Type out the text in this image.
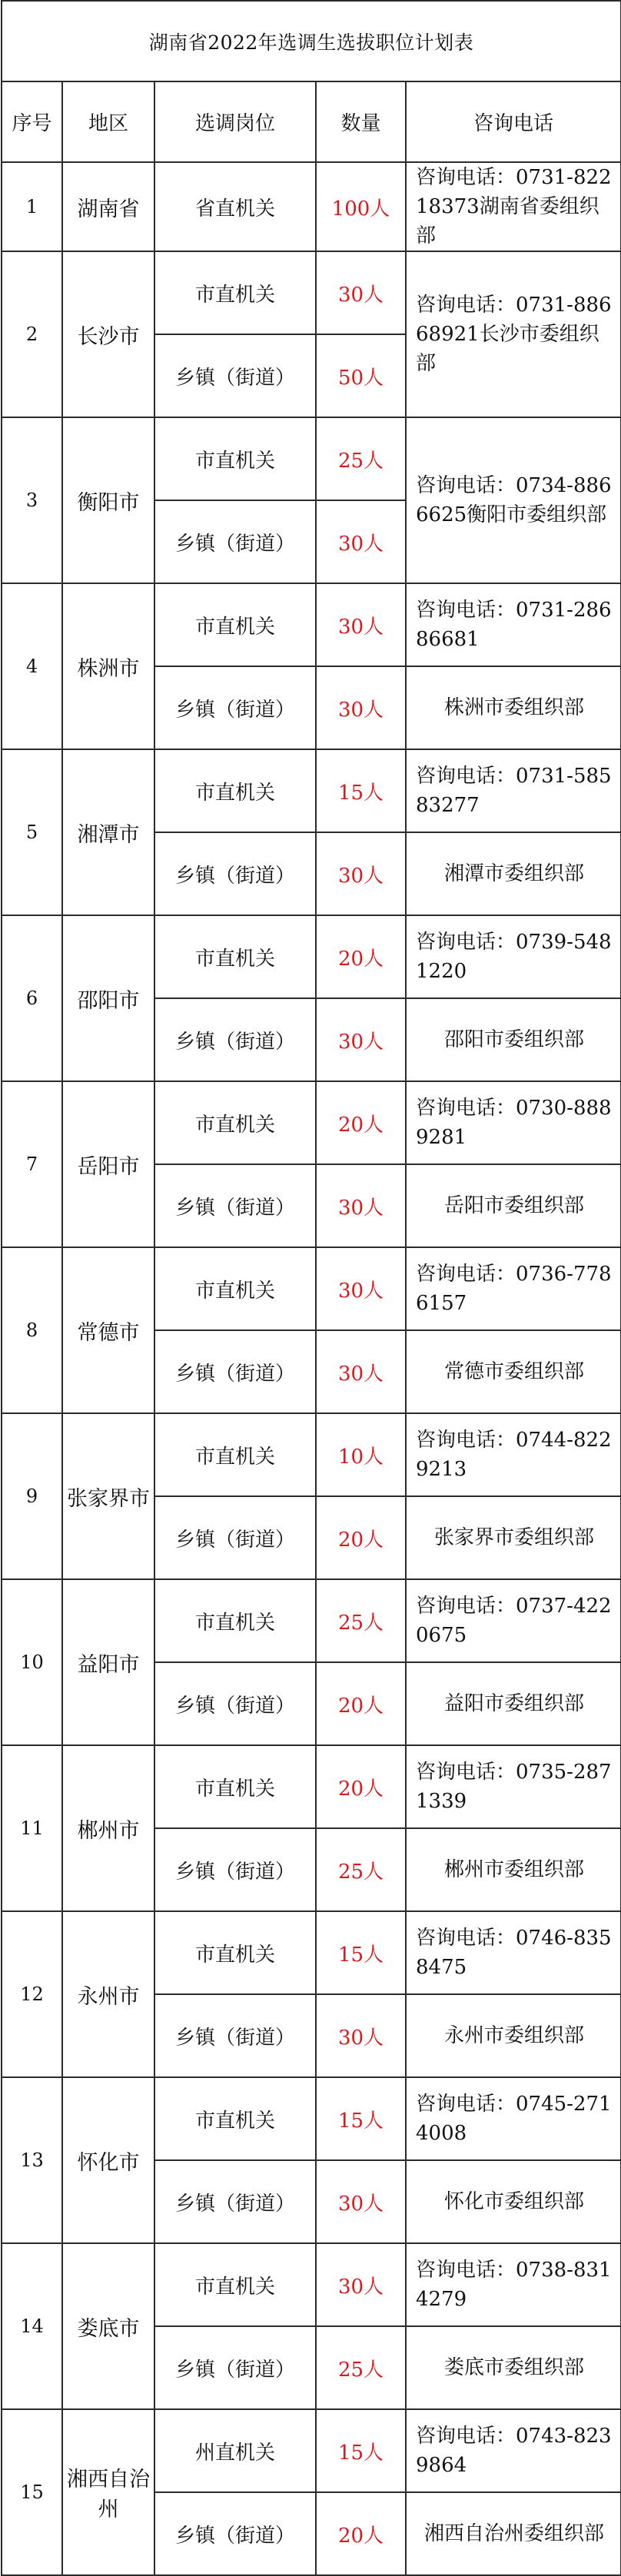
湖南省2022年选调生选拔职位计划表				
序号	地区	选调岗位	数量	咨询电话
1	湖南省	省直机关	100人	咨询电话：0731-82218373湖南省委组织部
2	长沙市	市直机关	30人	咨询电话：0731-88668921长沙市委组织部
		乡镇（街道）	50人	
3	衡阳市	市直机关	25人	咨询电话：0734-8866625衡阳市委组织部
		乡镇（街道）	30人	
4	株洲市	市直机关	30人	咨询电话：0731-28686681
		乡镇（街道）	30人	株洲市委组织部
5	湘潭市	市直机关	15人	咨询电话：0731-58583277
		乡镇（街道）	30人	湘潭市委组织部
6	邵阳市	市直机关	20人	咨询电话：0739-5481220
		乡镇（街道）	30人	邵阳市委组织部
7	岳阳市	市直机关	20人	咨询电话：0730-8889281
		乡镇（街道）	30人	岳阳市委组织部
8	常德市	市直机关	30人	咨询电话：0736-7786157
		乡镇（街道）	30人	常德市委组织部
9	张家界市	市直机关	10人	咨询电话：0744-8229213
		乡镇（街道）	20人	张家界市委组织部
10	益阳市	市直机关	25人	咨询电话：0737-4220675
		乡镇（街道）	20人	益阳市委组织部
11	郴州市	市直机关	20人	咨询电话：0735-2871339
		乡镇（街道）	25人	郴州市委组织部
12	永州市	市直机关	15人	咨询电话：0746-8358475
		乡镇（街道）	30人	永州市委组织部
13	怀化市	市直机关	15人	咨询电话：0745-2714008
		乡镇（街道）	30人	怀化市委组织部
14	娄底市	市直机关	30人	咨询电话：0738-8314279
		乡镇（街道）	25人	娄底市委组织部
15	湘西自治州	州直机关	15人	咨询电话：0743-8239864
		乡镇（街道）	20人	湘西自治州委组织部
